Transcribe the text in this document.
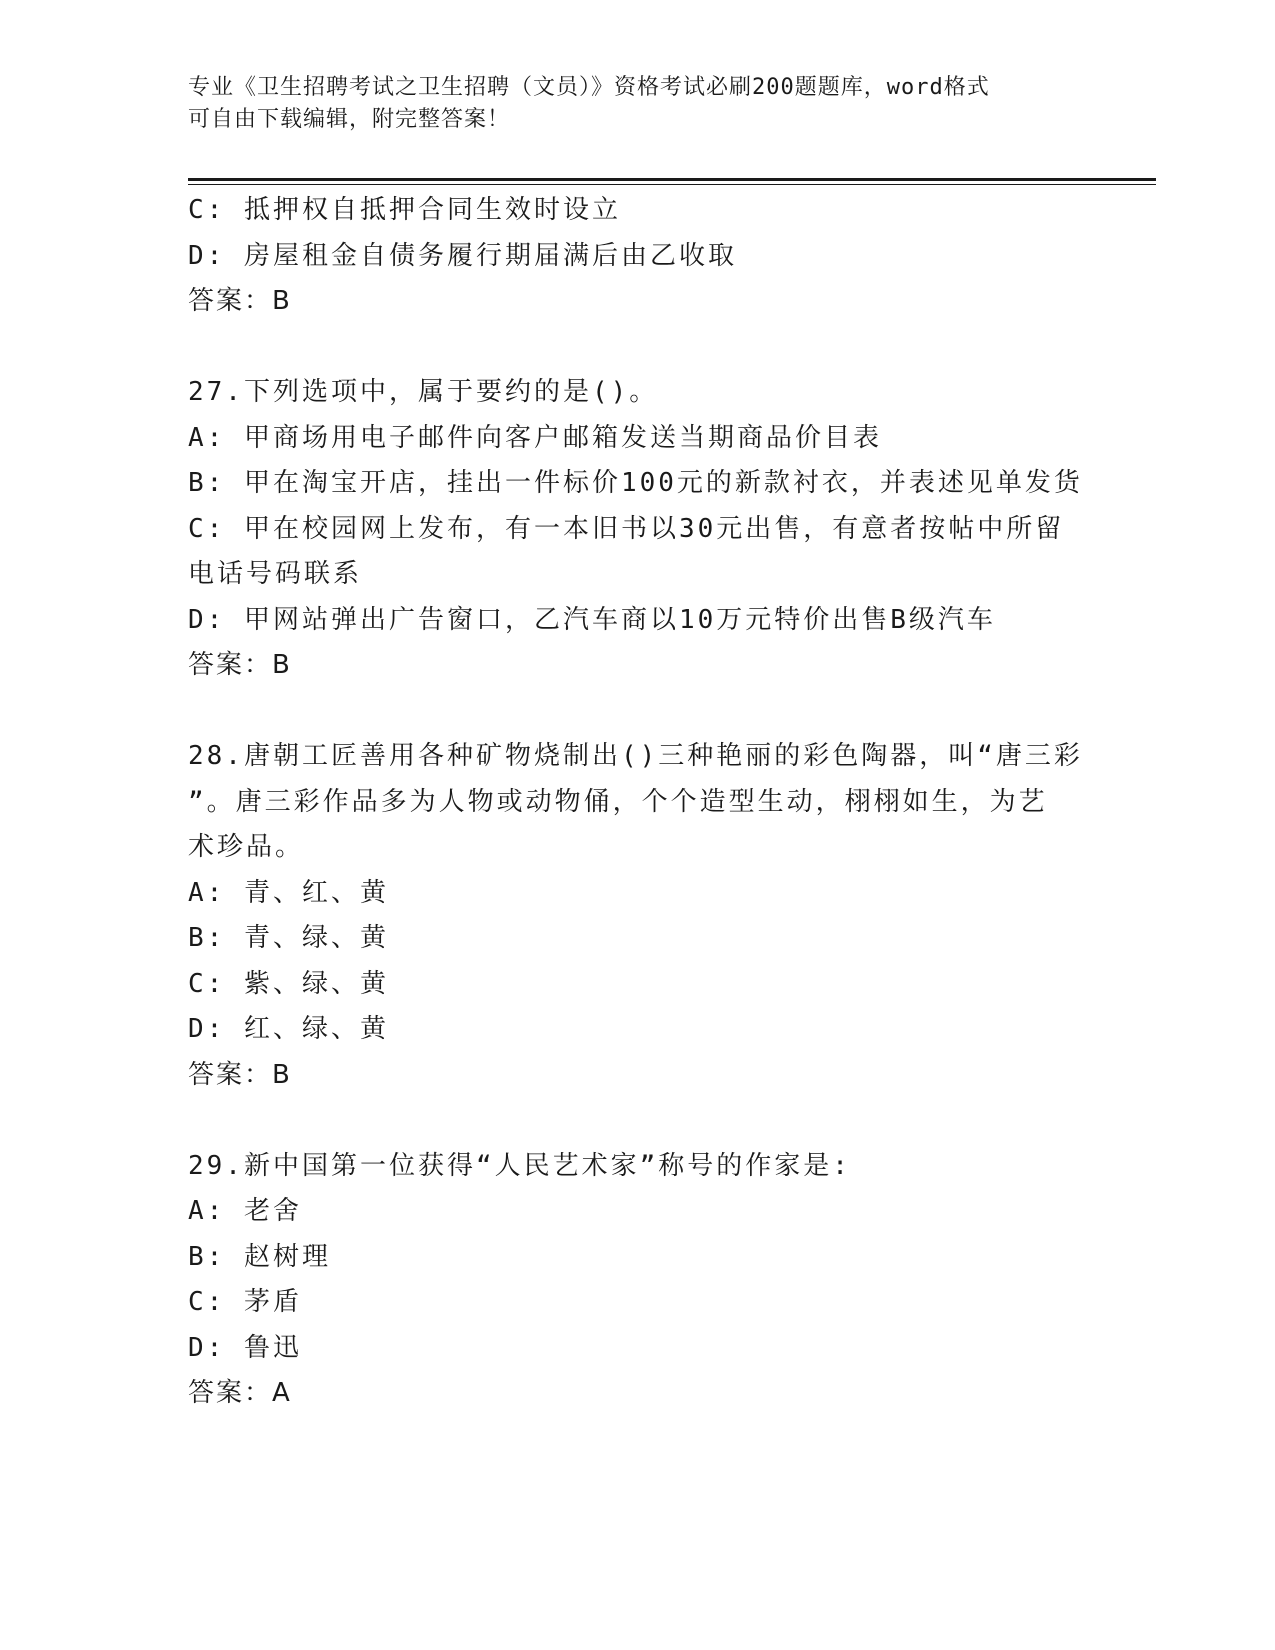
专业《卫生招聘考试之卫生招聘（文员）》资格考试必刷200题题库，word格式
可自由下载编辑，附完整答案！
C: 抵押权自抵押合同生效时设立
D: 房屋租金自债务履行期届满后由乙收取
答案：B
27.下列选项中，属于要约的是()。
A: 甲商场用电子邮件向客户邮箱发送当期商品价目表
B: 甲在淘宝开店，挂出一件标价100元的新款衬衣，并表述见单发货
C: 甲在校园网上发布，有一本旧书以30元出售，有意者按帖中所留
电话号码联系
D: 甲网站弹出广告窗口，乙汽车商以10万元特价出售B级汽车
答案：B
28.唐朝工匠善用各种矿物烧制出()三种艳丽的彩色陶器，叫“唐三彩
”。唐三彩作品多为人物或动物俑，个个造型生动，栩栩如生，为艺
术珍品。
A: 青、红、黄
B: 青、绿、黄
C: 紫、绿、黄
D: 红、绿、黄
答案：B
29.新中国第一位获得“人民艺术家”称号的作家是:
A: 老舍
B: 赵树理
C: 茅盾
D: 鲁迅
答案：A
